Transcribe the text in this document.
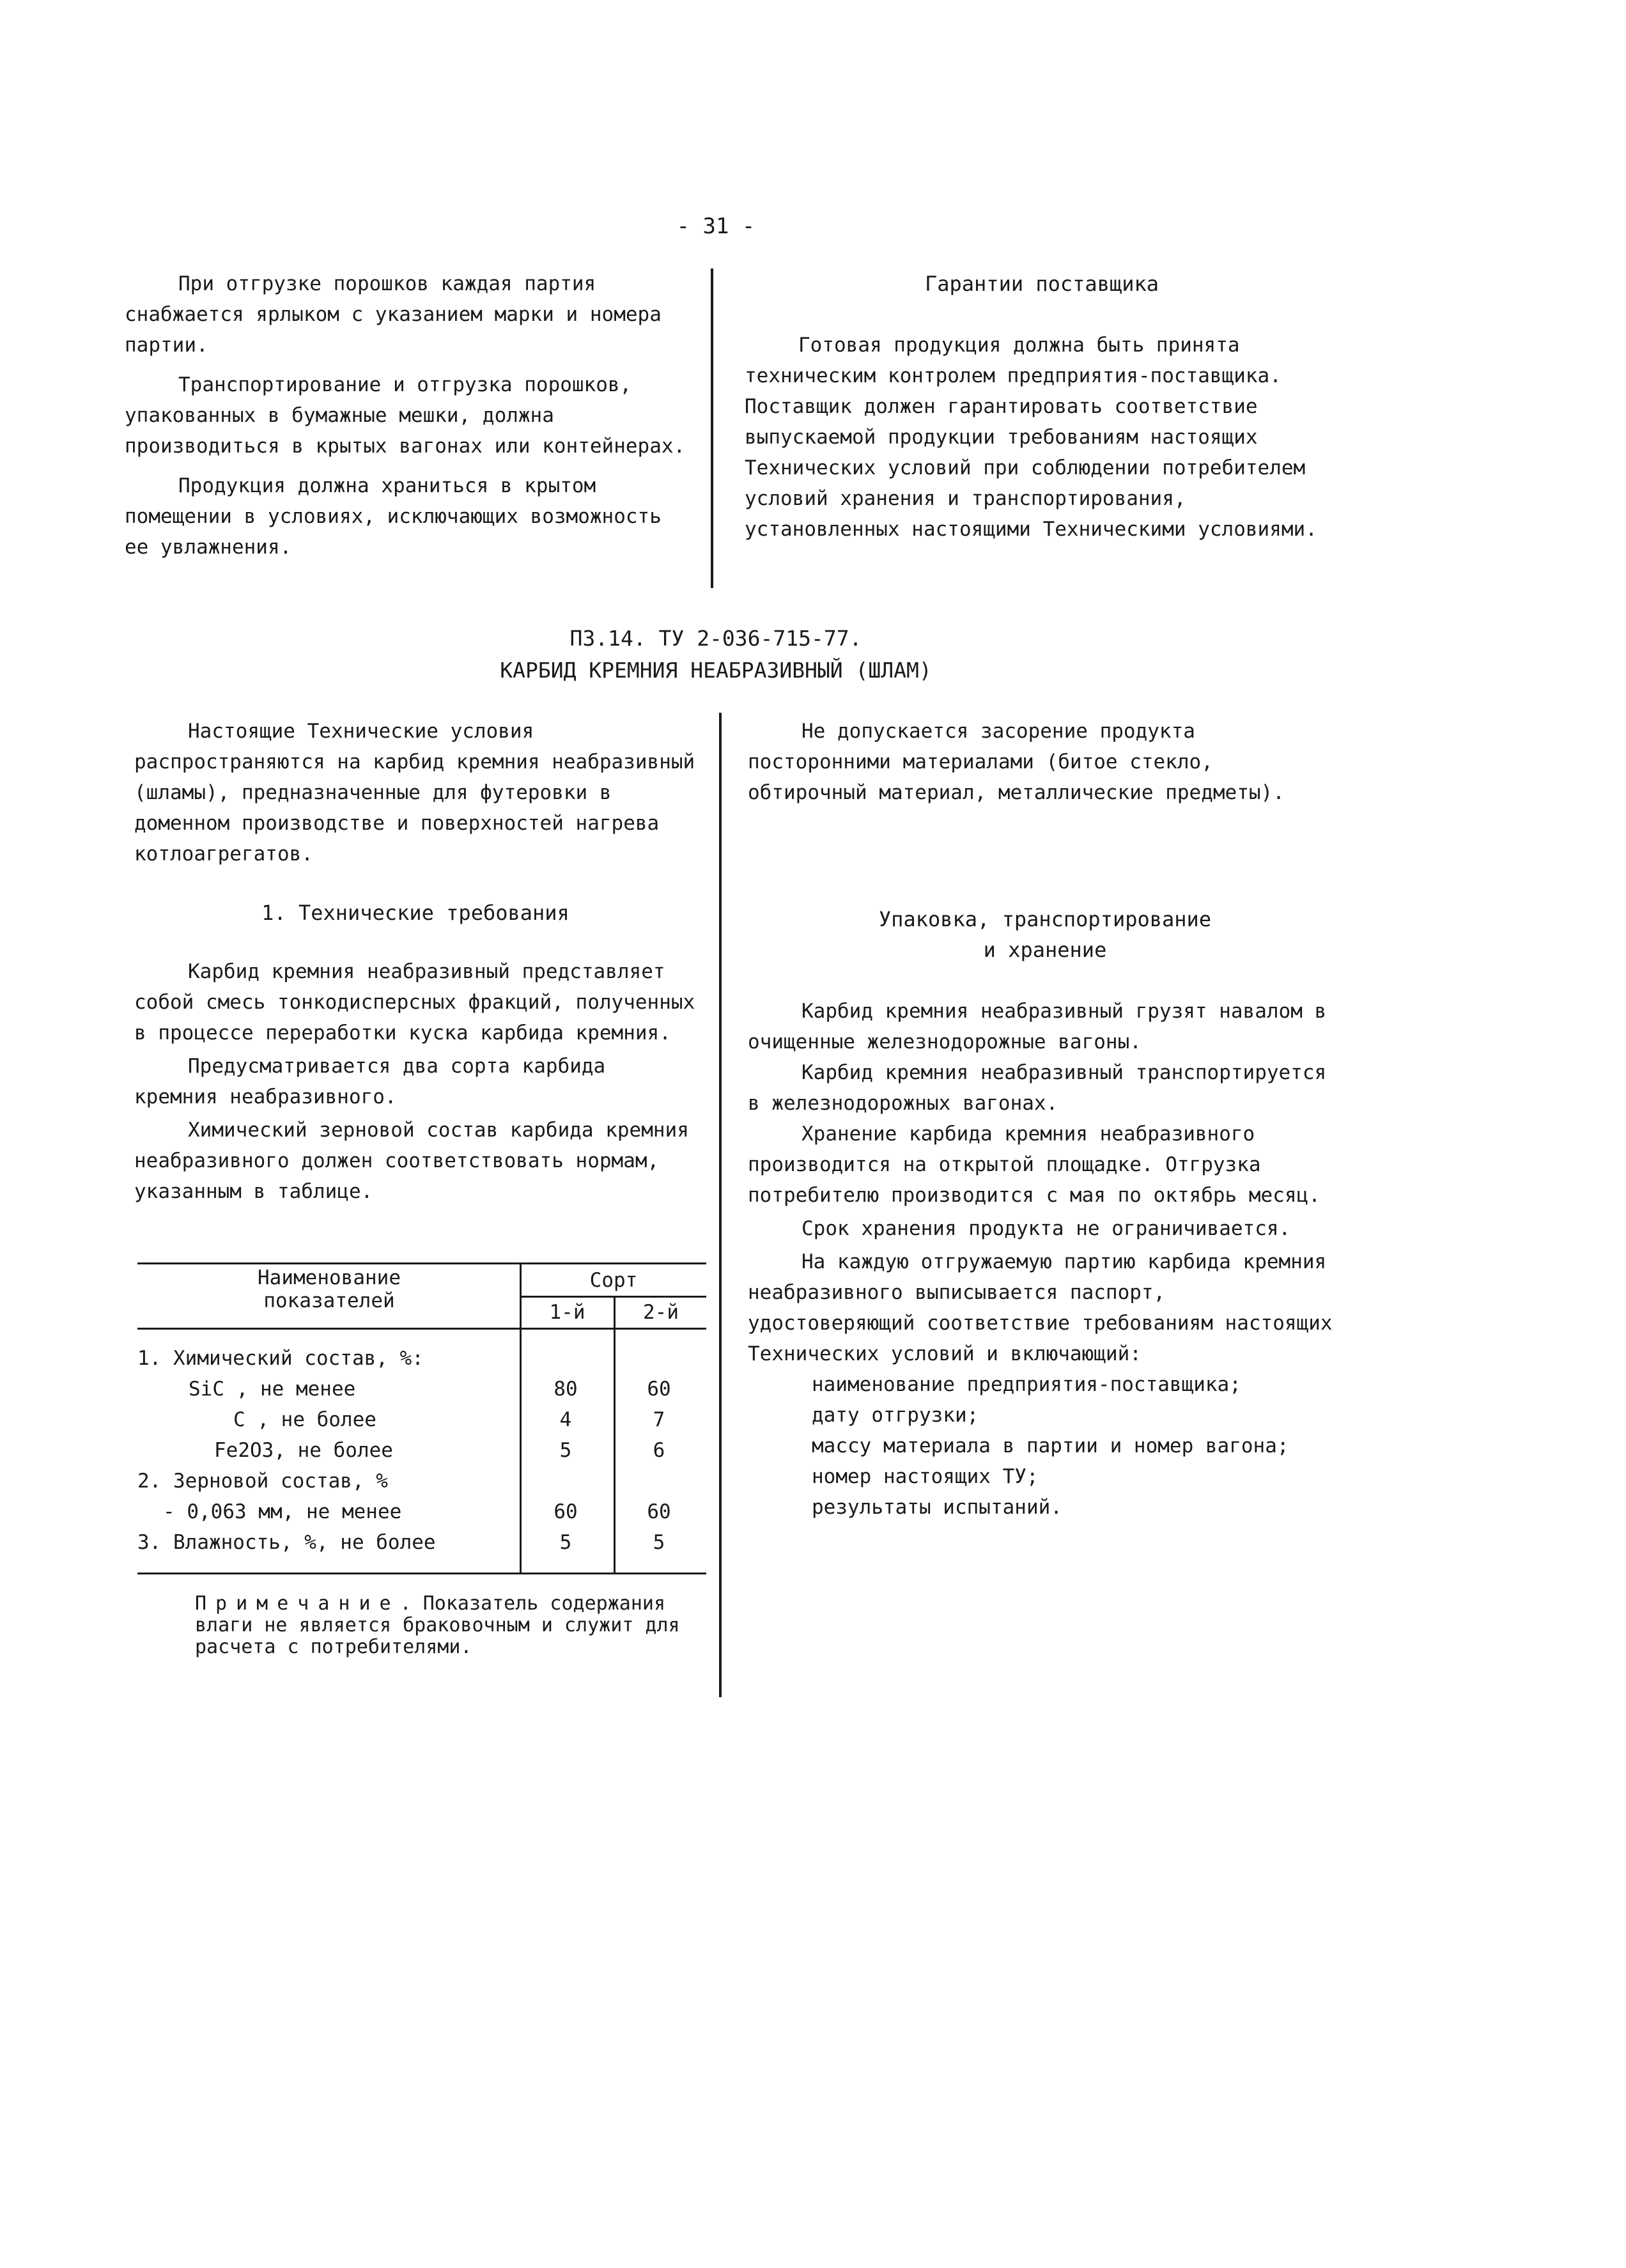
- 31 -

При отгрузке порошков каждая партия снабжается ярлыком с указанием марки и номера партии.

Транспортирование и отгрузка порошков, упакованных в бумажные мешки, должна производиться в крытых вагонах или контейнерах.

Продукция должна храниться в крытом помещении в условиях, исключающих возможность ее увлажнения.

Гарантии поставщика

Готовая продукция должна быть принята техническим контролем предприятия-поставщика. Поставщик должен гарантировать соответствие выпускаемой продукции требованиям настоящих Технических условий при соблюдении потребителем условий хранения и транспортирования, установленных настоящими Техническими условиями.

П3.14. ТУ 2-036-715-77.
КАРБИД КРЕМНИЯ НЕАБРАЗИВНЫЙ (ШЛАМ)

Настоящие Технические условия распространяются на карбид кремния неабразивный (шламы), предназначенные для футеровки в доменном производстве и поверхностей нагрева котлоагрегатов.

1. Технические требования

Карбид кремния неабразивный представляет собой смесь тонкодисперсных фракций, полученных в процессе переработки куска карбида кремния.

Предусматривается два сорта карбида кремния неабразивного.

Химический зерновой состав карбида кремния неабразивного должен соответствовать нормам, указанным в таблице.

Наименование показателей
Сорт
1-й	2-й
1. Химический состав, %:
SiC , не менее	80	60
C , не более	4	7
Fe2O3, не более	5	6
2. Зерновой состав, %
- 0,063 мм, не менее	60	60
3. Влажность, %, не более	5	5
Примечание. Показатель содержания влаги не является браковочным и служит для расчета с потребителями.

Не допускается засорение продукта посторонними материалами (битое стекло, обтирочный материал, металлические предметы).

Упаковка, транспортирование
и хранение

Карбид кремния неабразивный грузят навалом в очищенные железнодорожные вагоны.

Карбид кремния неабразивный транспортируется в железнодорожных вагонах.

Хранение карбида кремния неабразивного производится на открытой площадке. Отгрузка потребителю производится с мая по октябрь месяц.

Срок хранения продукта не ограничивается.

На каждую отгружаемую партию карбида кремния неабразивного выписывается паспорт, удостоверяющий соответствие требованиям настоящих Технических условий и включающий:

наименование предприятия-поставщика;

дату отгрузки;

массу материала в партии и номер вагона;

номер настоящих ТУ;

результаты испытаний.
